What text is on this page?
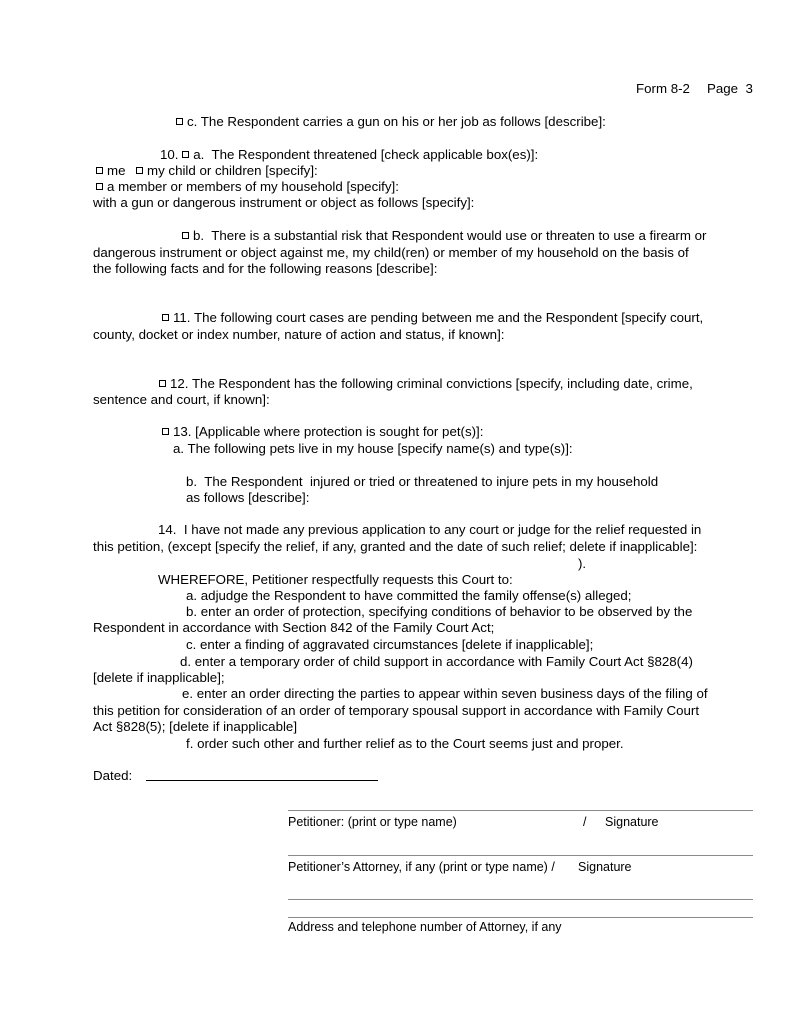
Form 8-2 Page  3
c. The Respondent carries a gun on his or her job as follows [describe]:
10. a.  The Respondent threatened [check applicable box(es)]:
me	my child or children [specify]:
a member or members of my household [specify]:
with a gun or dangerous instrument or object as follows [specify]:
b.  There is a substantial risk that Respondent would use or threaten to use a firearm or
dangerous instrument or object against me, my child(ren) or member of my household on the basis of
the following facts and for the following reasons [describe]:
11. The following court cases are pending between me and the Respondent [specify court,
county, docket or index number, nature of action and status, if known]:
12. The Respondent has the following criminal convictions [specify, including date, crime,
sentence and court, if known]:
13. [Applicable where protection is sought for pet(s)]:
a. The following pets live in my house [specify name(s) and type(s)]:
b.  The Respondent  injured or tried or threatened to injure pets in my household
as follows [describe]:
14.  I have not made any previous application to any court or judge for the relief requested in
this petition, (except [specify the relief, if any, granted and the date of such relief; delete if inapplicable]:
).
WHEREFORE, Petitioner respectfully requests this Court to:
a. adjudge the Respondent to have committed the family offense(s) alleged;
b. enter an order of protection, specifying conditions of behavior to be observed by the
Respondent in accordance with Section 842 of the Family Court Act;
c. enter a finding of aggravated circumstances [delete if inapplicable];
d. enter a temporary order of child support in accordance with Family Court Act §828(4)
[delete if inapplicable];
e. enter an order directing the parties to appear within seven business days of the filing of
this petition for consideration of an order of temporary spousal support in accordance with Family Court
Act §828(5); [delete if inapplicable]
f. order such other and further relief as to the Court seems just and proper.
Dated:
Petitioner: (print or type name)	/ Signature
Petitioner’s Attorney, if any (print or type name) / Signature
Address and telephone number of Attorney, if any
